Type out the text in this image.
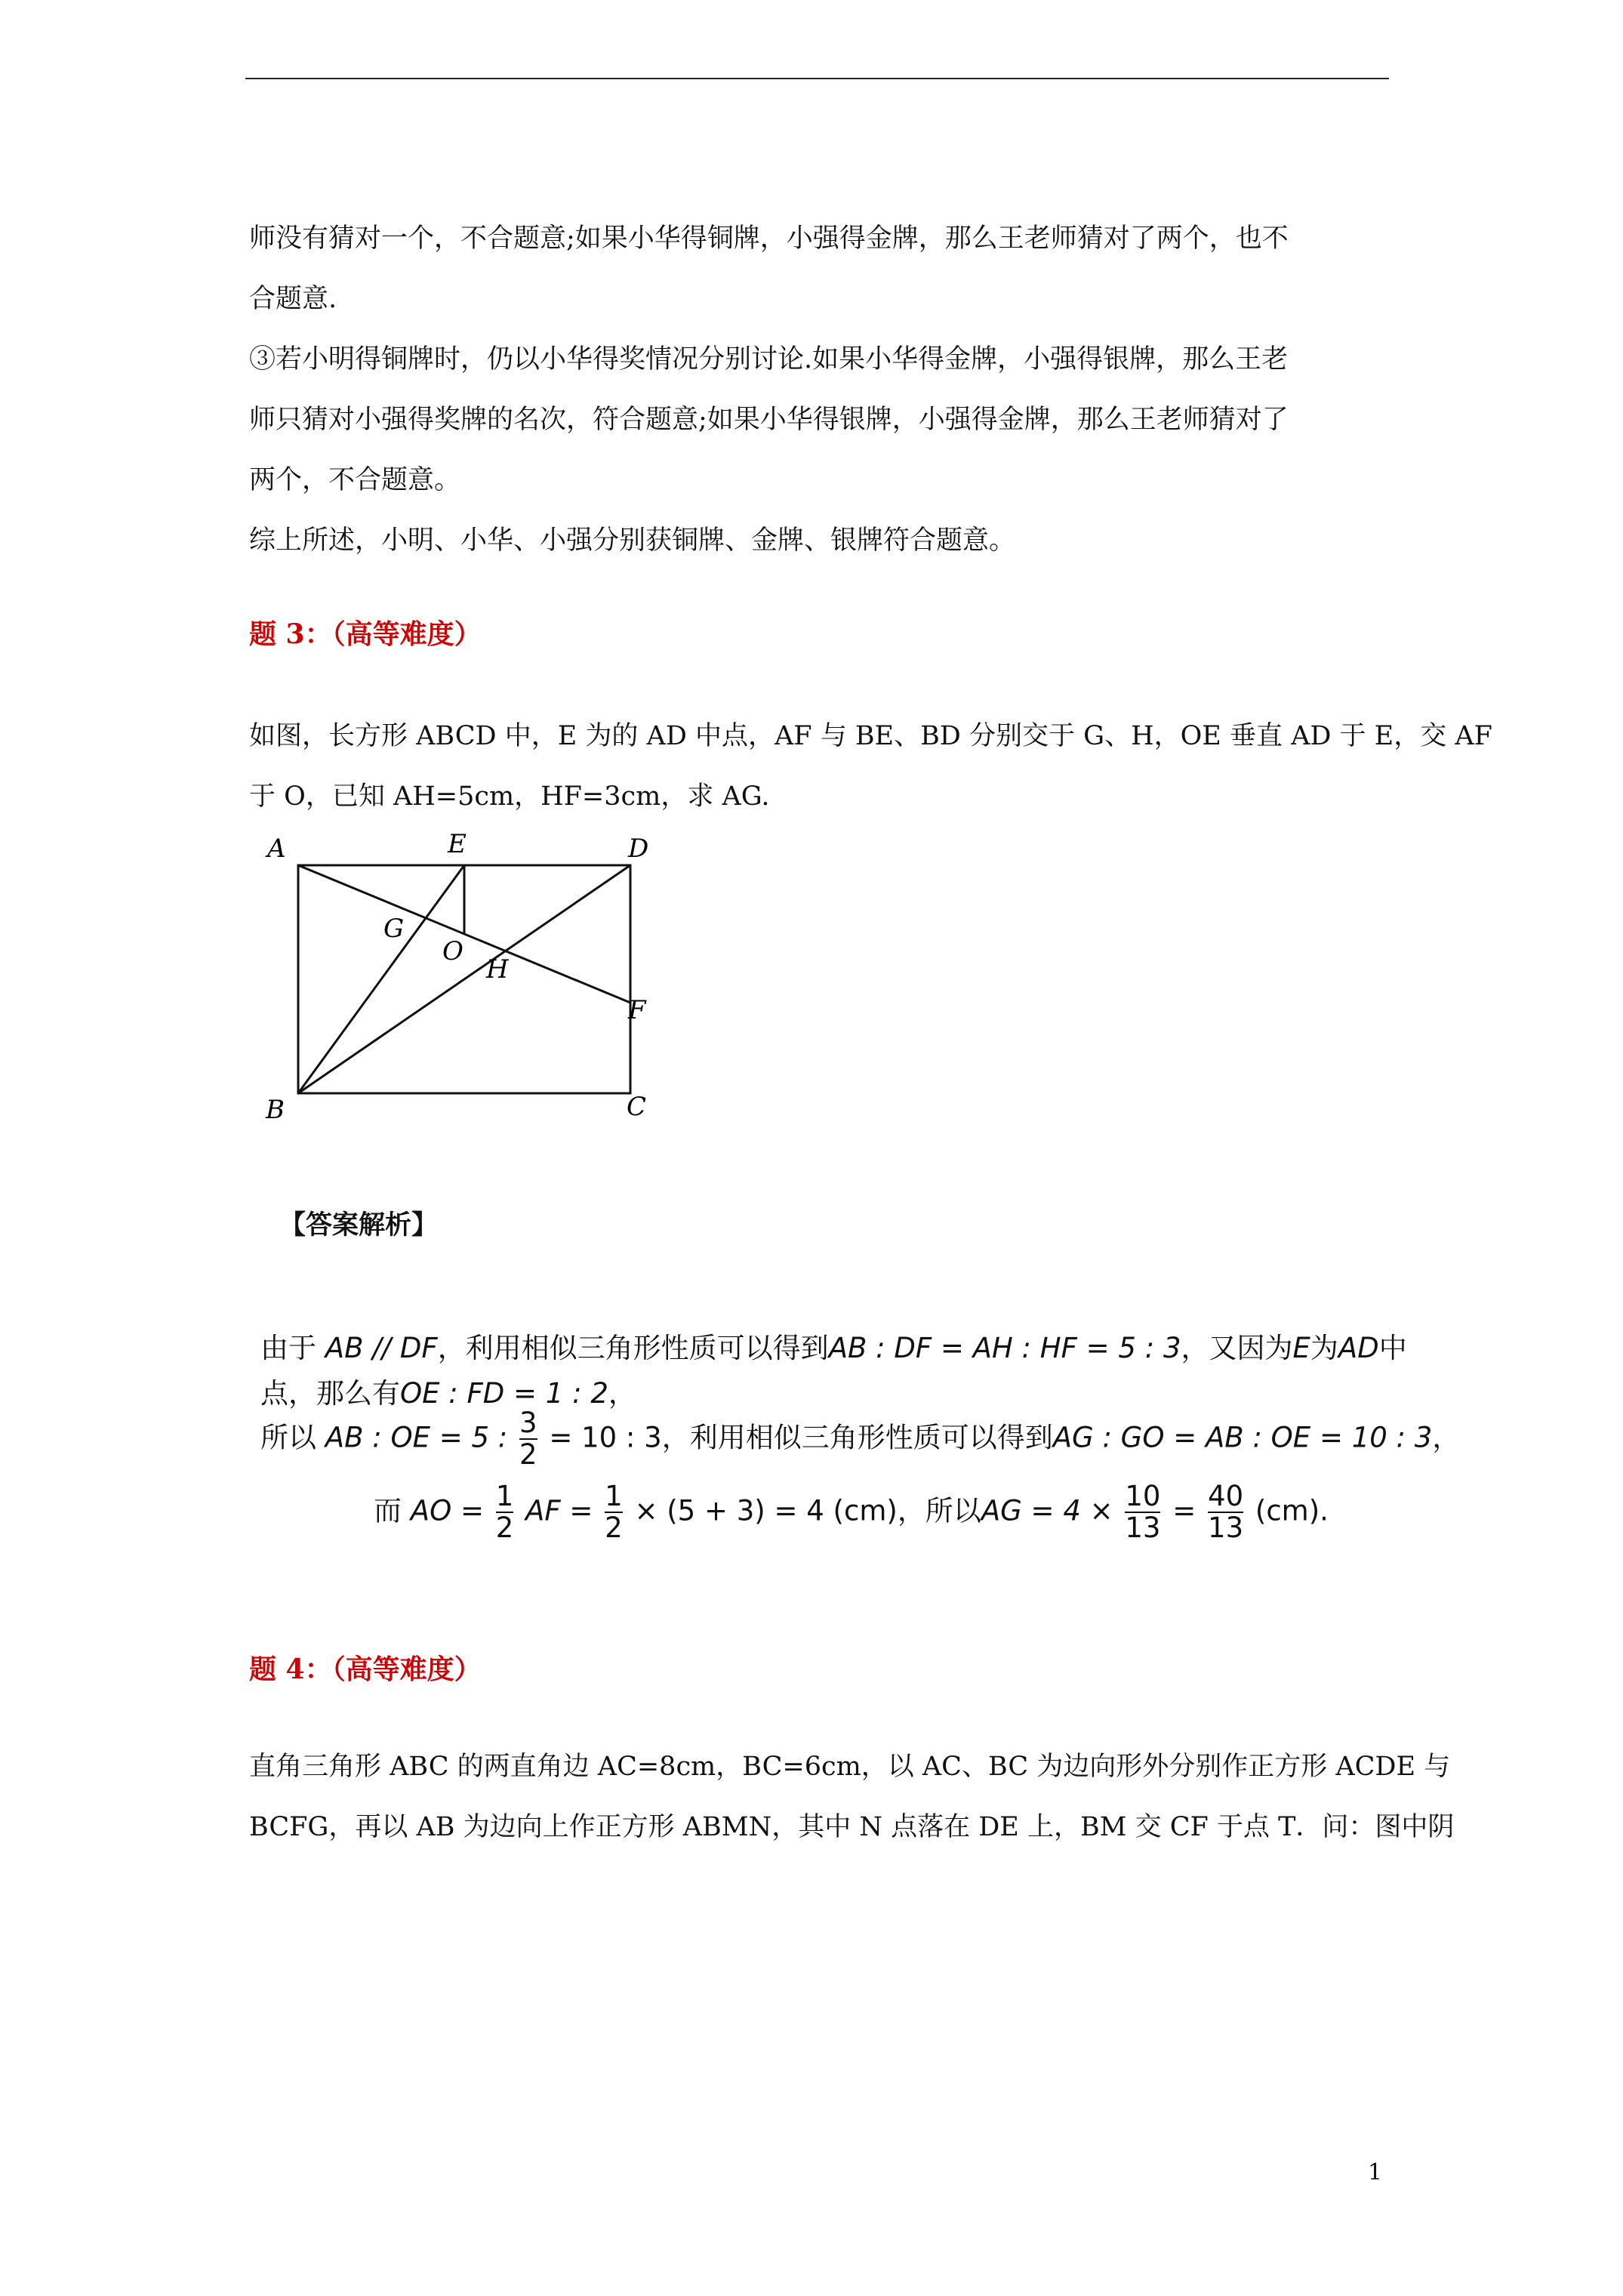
师没有猜对一个，不合题意;如果小华得铜牌，小强得金牌，那么王老师猜对了两个，也不
合题意.
③若小明得铜牌时，仍以小华得奖情况分别讨论.如果小华得金牌，小强得银牌，那么王老
师只猜对小强得奖牌的名次，符合题意;如果小华得银牌，小强得金牌，那么王老师猜对了
两个，不合题意。
综上所述，小明、小华、小强分别获铜牌、金牌、银牌符合题意。
题 3：（高等难度）
如图，长方形 ABCD 中，E 为的 AD 中点，AF 与 BE、BD 分别交于 G、H，OE 垂直 AD 于 E，交 AF
于 O，已知 AH=5cm，HF=3cm，求 AG.
A	E	D
G
O
H
F
B	C
【答案解析】
由于 AB // DF，利用相似三角形性质可以得到AB : DF = AH : HF = 5 : 3，又因为E为AD中
点，那么有OE : FD = 1 : 2，
所以 AB : OE = 5 : $\frac{3}{2} = 10$ : 3，利用相似三角形性质可以得到AG : GO = AB : OE = 10 : 3，
而 AO = $\frac{1}{2}$ AF = $\frac{1}{2} \times (5 + 3) = 4$ (cm)，所以AG = $4 \times \frac{10}{13} = \frac{40}{13} (cm)$.
题 4：（高等难度）
直角三角形 ABC 的两直角边 AC=8cm，BC=6cm，以 AC、BC 为边向形外分别作正方形 ACDE 与
BCFG，再以 AB 为边向上作正方形 ABMN，其中 N 点落在 DE 上，BM 交 CF 于点 T．问：图中阴
1
